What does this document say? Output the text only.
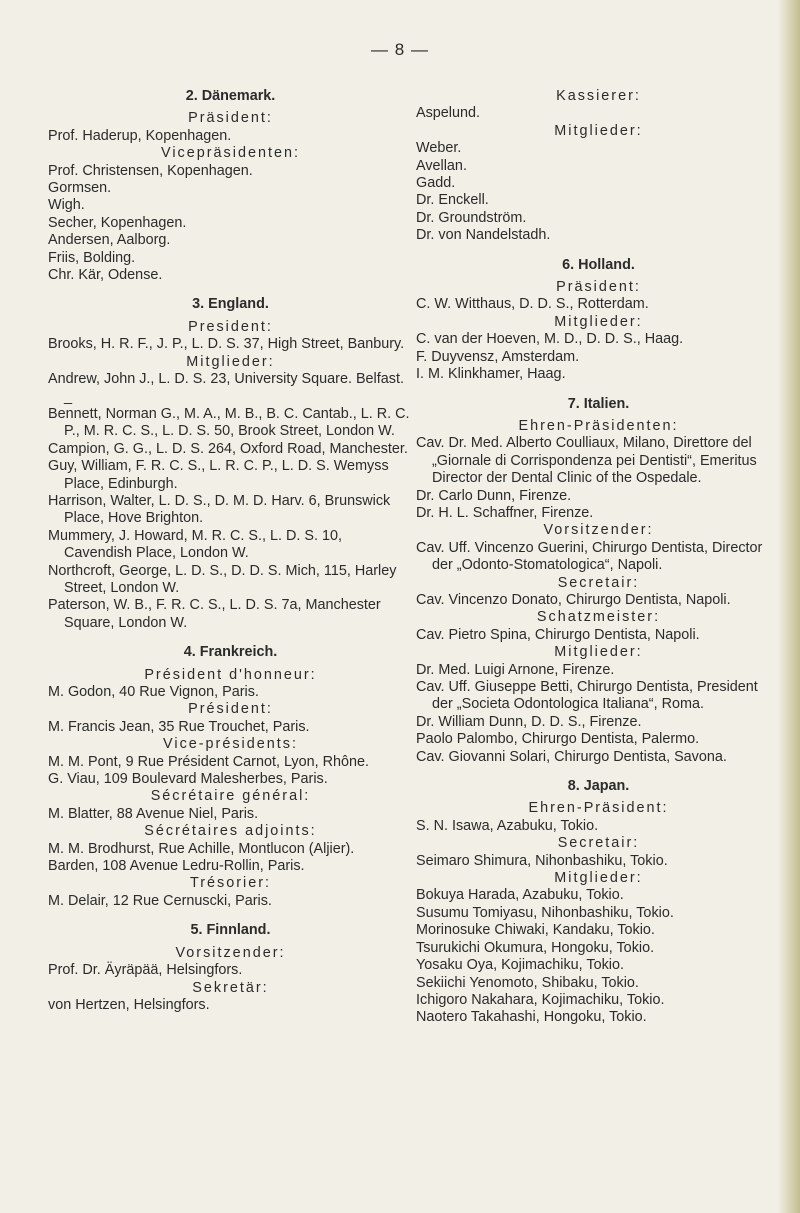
— 8 —
2. Dänemark.
Präsident:
Prof. Haderup, Kopenhagen.
Vicepräsidenten:
Prof. Christensen, Kopenhagen.
Gormsen.
Wigh.
Secher, Kopenhagen.
Andersen, Aalborg.
Friis, Bolding.
Chr. Kär, Odense.
3. England.
President:
Brooks, H. R. F., J. P., L. D. S. 37, High Street, Banbury.
Mitglieder:
Andrew, John J., L. D. S. 23, University Square. Belfast. _
Bennett, Norman G., M. A., M. B., B. C. Cantab., L. R. C. P., M. R. C. S., L. D. S. 50, Brook Street, London W.
Campion, G. G., L. D. S. 264, Oxford Road, Manchester.
Guy, William, F. R. C. S., L. R. C. P., L. D. S. Wemyss Place, Edinburgh.
Harrison, Walter, L. D. S., D. M. D. Harv. 6, Brunswick Place, Hove Brighton.
Mummery, J. Howard, M. R. C. S., L. D. S. 10, Cavendish Place, London W.
Northcroft, George, L. D. S., D. D. S. Mich, 115, Harley Street, London W.
Paterson, W. B., F. R. C. S., L. D. S. 7a, Manchester Square, London W.
4. Frankreich.
Président d'honneur:
M. Godon, 40 Rue Vignon, Paris.
Président:
M. Francis Jean, 35 Rue Trouchet, Paris.
Vice-présidents:
M. M. Pont, 9 Rue Président Carnot, Lyon, Rhône.
G. Viau, 109 Boulevard Malesherbes, Paris.
Sécrétaire général:
M. Blatter, 88 Avenue Niel, Paris.
Sécrétaires adjoints:
M. M. Brodhurst, Rue Achille, Montlucon (Aljier).
Barden, 108 Avenue Ledru-Rollin, Paris.
Trésorier:
M. Delair, 12 Rue Cernuscki, Paris.
5. Finnland.
Vorsitzender:
Prof. Dr. Äyräpää, Helsingfors.
Sekretär:
von Hertzen, Helsingfors.
Kassierer:
Aspelund.
Mitglieder:
Weber.
Avellan.
Gadd.
Dr. Enckell.
Dr. Groundström.
Dr. von Nandelstadh.
6. Holland.
Präsident:
C. W. Witthaus, D. D. S., Rotterdam.
Mitglieder:
C. van der Hoeven, M. D., D. D. S., Haag.
F. Duyvensz, Amsterdam.
I. M. Klinkhamer, Haag.
7. Italien.
Ehren-Präsidenten:
Cav. Dr. Med. Alberto Coulliaux, Milano, Direttore del „Giornale di Corrispondenza pei Dentisti“, Emeritus Director der Dental Clinic of the Ospedale.
Dr. Carlo Dunn, Firenze.
Dr. H. L. Schaffner, Firenze.
Vorsitzender:
Cav. Uff. Vincenzo Guerini, Chirurgo Dentista, Director der „Odonto-Stomatologica“, Napoli.
Secretair:
Cav. Vincenzo Donato, Chirurgo Dentista, Napoli.
Schatzmeister:
Cav. Pietro Spina, Chirurgo Dentista, Napoli.
Mitglieder:
Dr. Med. Luigi Arnone, Firenze.
Cav. Uff. Giuseppe Betti, Chirurgo Dentista, President der „Societa Odontologica Italiana“, Roma.
Dr. William Dunn, D. D. S., Firenze.
Paolo Palombo, Chirurgo Dentista, Palermo.
Cav. Giovanni Solari, Chirurgo Dentista, Savona.
8. Japan.
Ehren-Präsident:
S. N. Isawa, Azabuku, Tokio.
Secretair:
Seimaro Shimura, Nihonbashiku, Tokio.
Mitglieder:
Bokuya Harada, Azabuku, Tokio.
Susumu Tomiyasu, Nihonbashiku, Tokio.
Morinosuke Chiwaki, Kandaku, Tokio.
Tsurukichi Okumura, Hongoku, Tokio.
Yosaku Oya, Kojimachiku, Tokio.
Sekiichi Yenomoto, Shibaku, Tokio.
Ichigoro Nakahara, Kojimachiku, Tokio.
Naotero Takahashi, Hongoku, Tokio.
